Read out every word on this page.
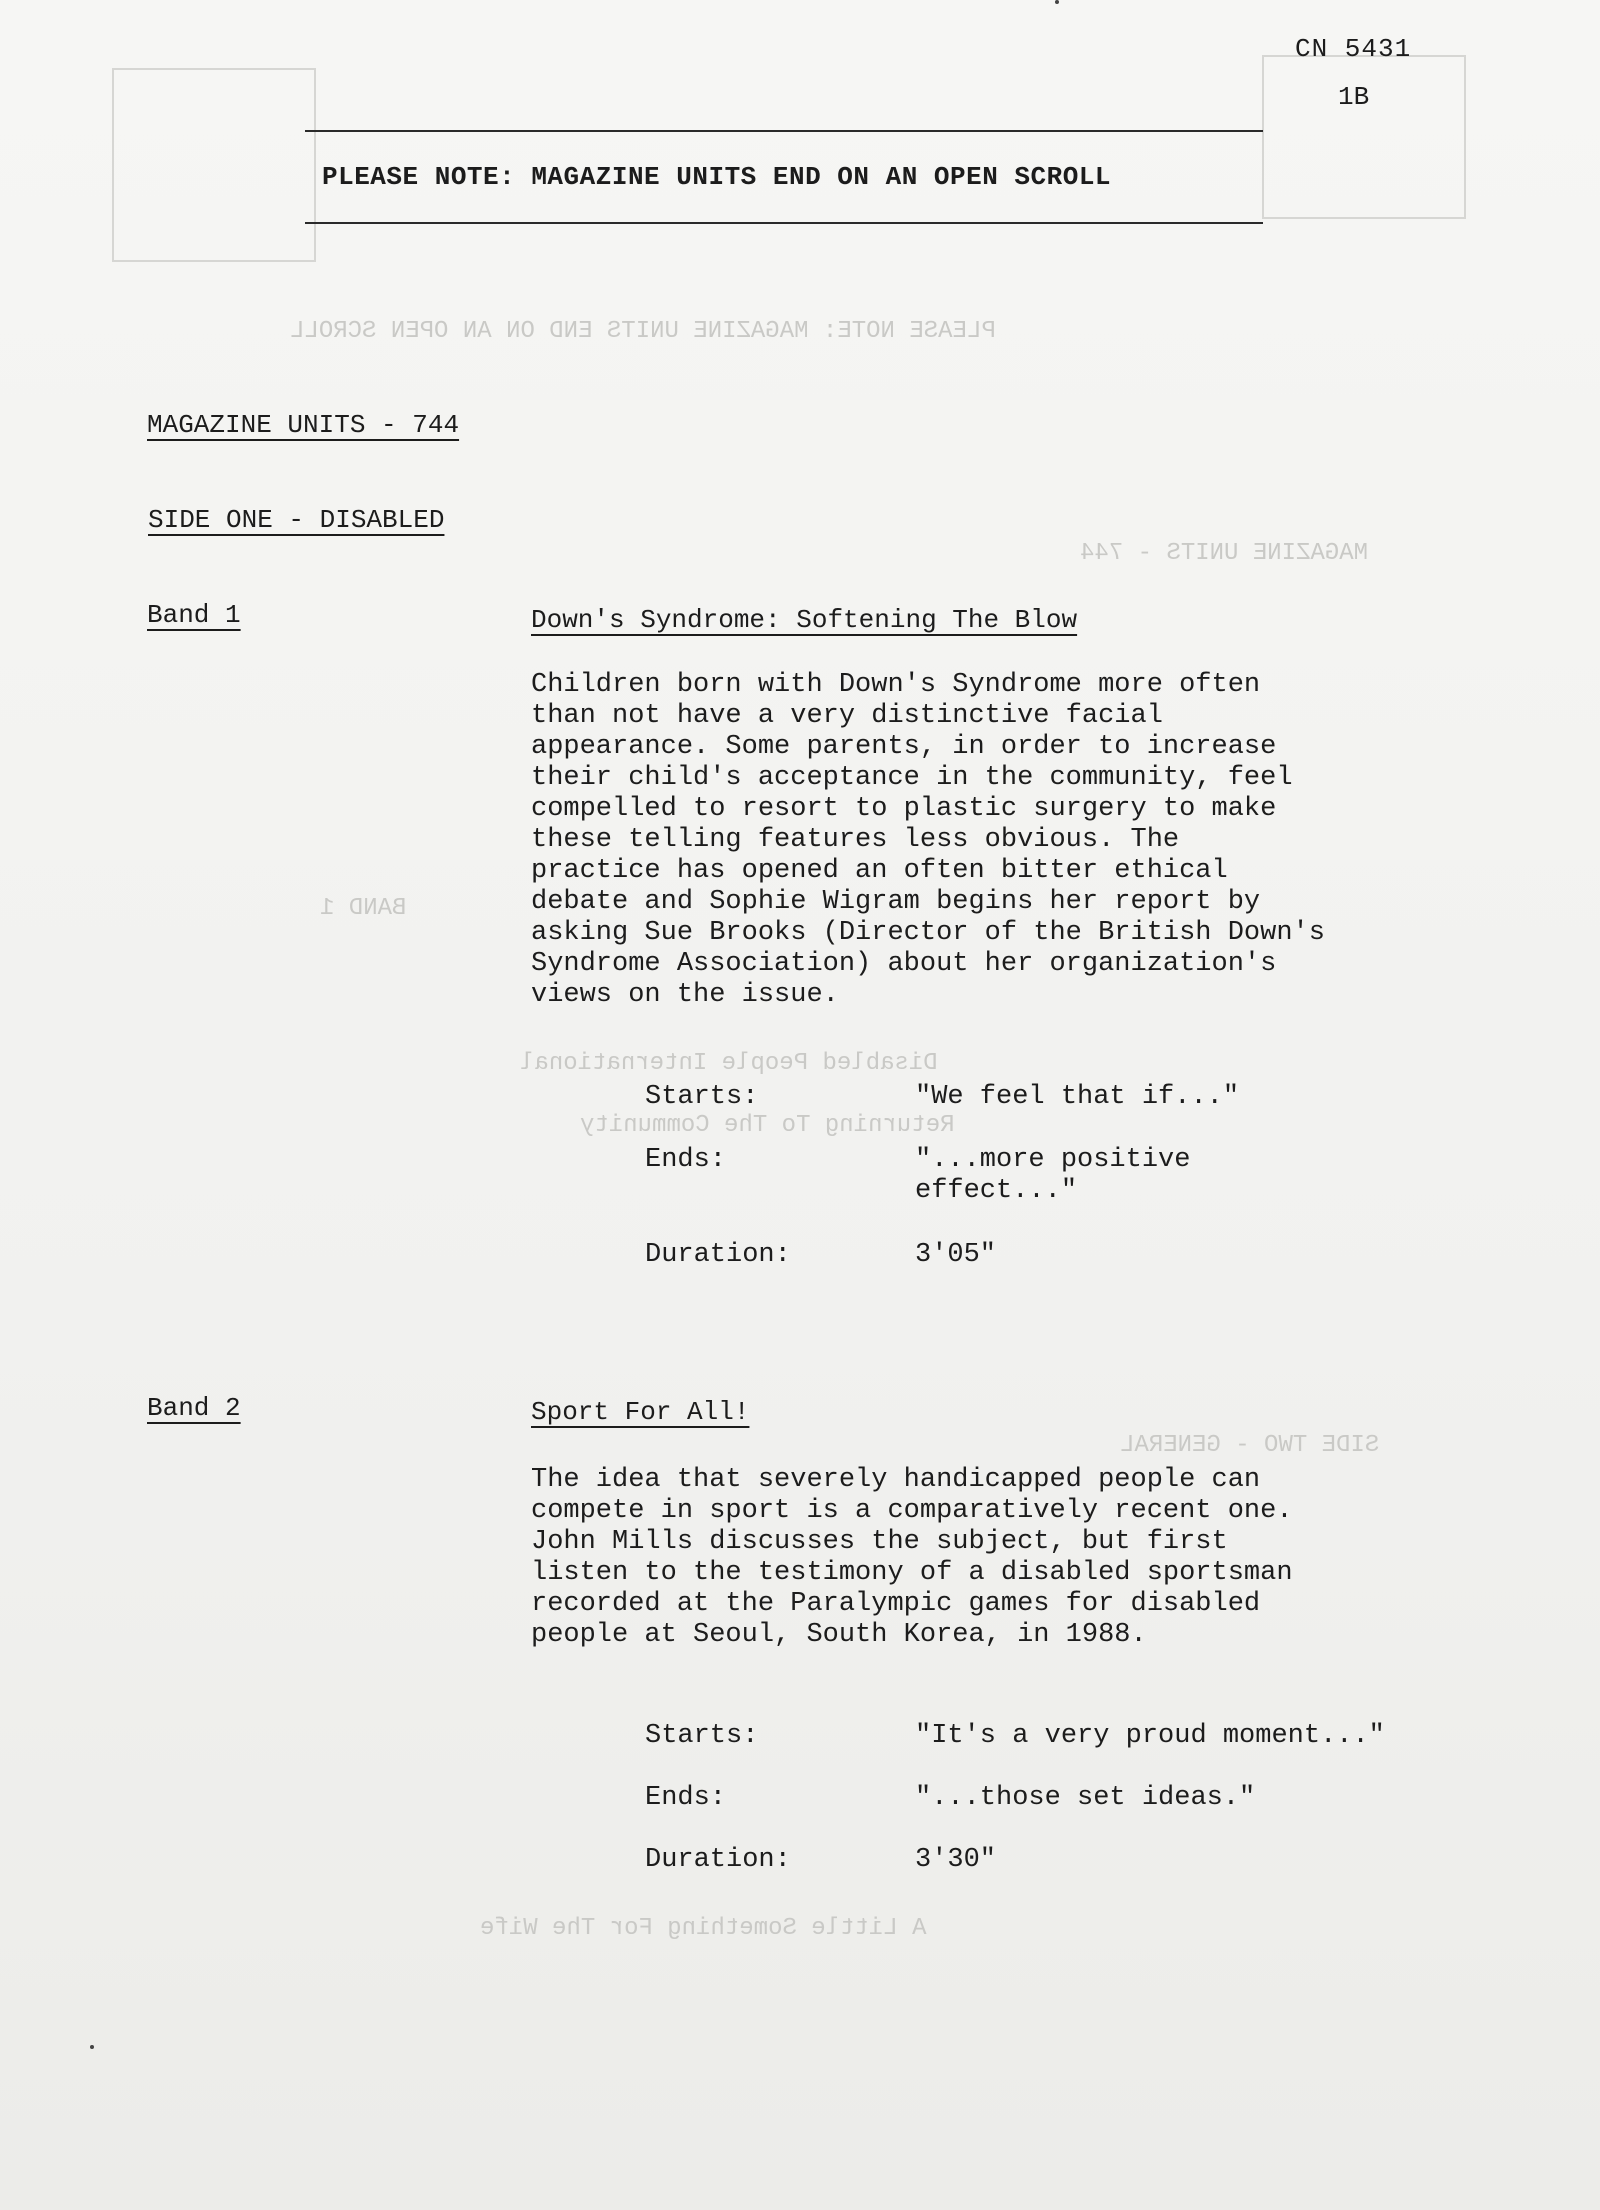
PLEASE NOTE: MAGAZINE UNITS END ON AN OPEN SCROLL
MAGAZINE UNITS - 744
BAND 1
Disabled People International
Returning To The Community
SIDE TWO - GENERAL
A Little Something For The Wife
CN 5431
1B
PLEASE NOTE: MAGAZINE UNITS END ON AN OPEN SCROLL
MAGAZINE UNITS - 744
SIDE ONE - DISABLED
Band 1	Down's Syndrome: Softening The Blow
Children born with Down's Syndrome more often
than not have a very distinctive facial
appearance. Some parents, in order to increase
their child's acceptance in the community, feel
compelled to resort to plastic surgery to make
these telling features less obvious. The
practice has opened an often bitter ethical
debate and Sophie Wigram begins her report by
asking Sue Brooks (Director of the British Down's
Syndrome Association) about her organization's
views on the issue.
Starts:	"We feel that if..."
Ends:	"...more positive
effect..."
Duration:	3'05"
Band 2	Sport For All!
The idea that severely handicapped people can
compete in sport is a comparatively recent one.
John Mills discusses the subject, but first
listen to the testimony of a disabled sportsman
recorded at the Paralympic games for disabled
people at Seoul, South Korea, in 1988.
Starts:	"It's a very proud moment..."
Ends:	"...those set ideas."
Duration:	3'30"
